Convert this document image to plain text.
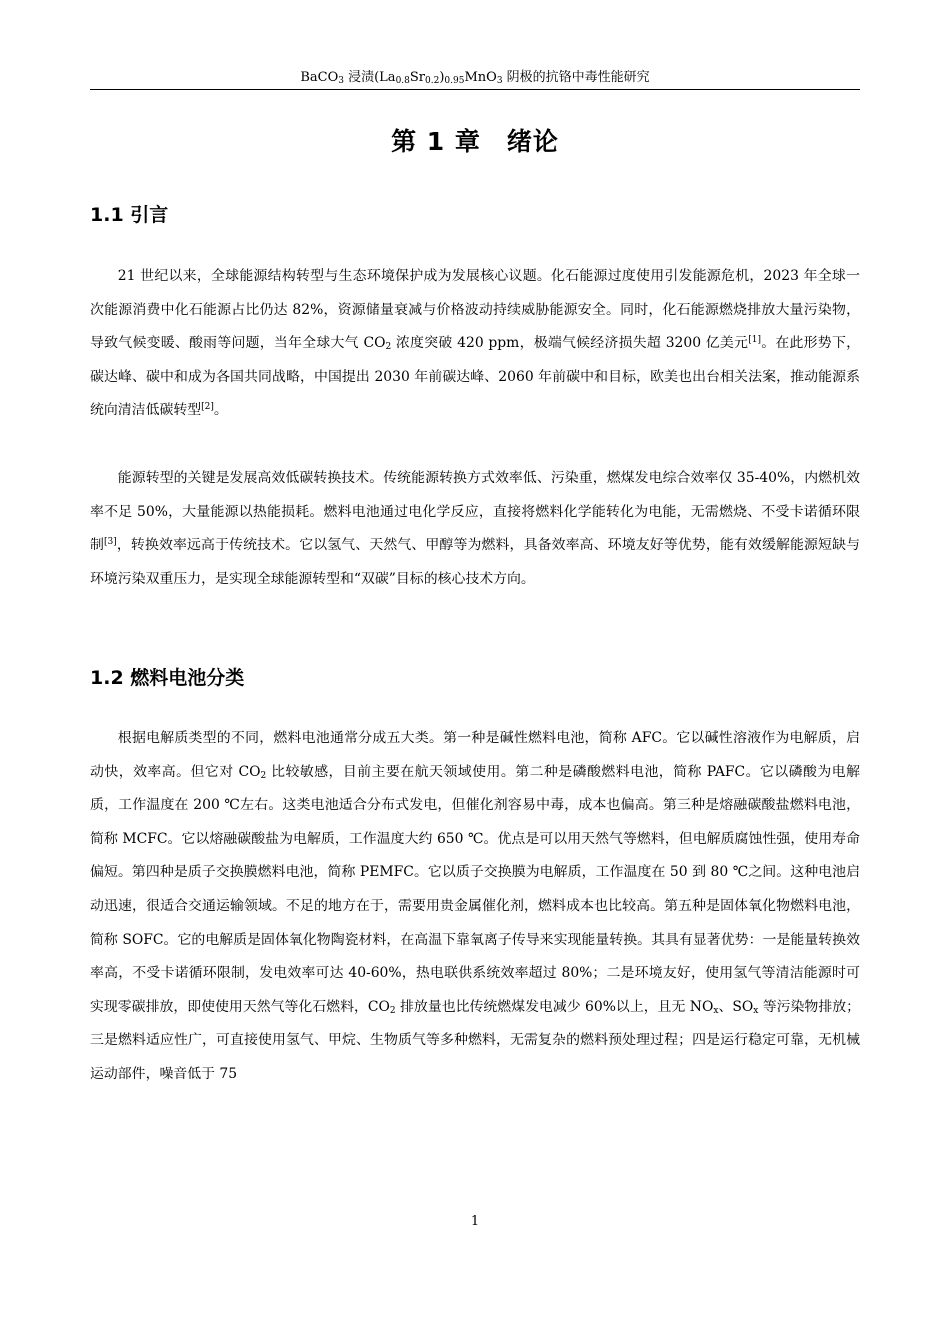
BaCO$_3$ 浸渍$(La_{0.8}Sr_{0.2})_{0.95}MnO_3$ 阴极的抗铬中毒性能研究
第 1 章　绪论
1.1 引言

21 世纪以来，全球能源结构转型与生态环境保护成为发展核心议题。化石能源过度使用引发能源危机，2023 年全球一次能源消费中化石能源占比仍达 82%，资源储量衰减与价格波动持续威胁能源安全。同时，化石能源燃烧排放大量污染物，导致气候变暖、酸雨等问题，当年全球大气 $CO_2$ 浓度突破 420 ppm，极端气候经济损失超 3200 亿美元[1]。在此形势下，碳达峰、碳中和成为各国共同战略，中国提出 2030 年前碳达峰、2060 年前碳中和目标，欧美也出台相关法案，推动能源系统向清洁低碳转型[2]。

能源转型的关键是发展高效低碳转换技术。传统能源转换方式效率低、污染重，燃煤发电综合效率仅 35-40%，内燃机效率不足 50%，大量能源以热能损耗。燃料电池通过电化学反应，直接将燃料化学能转化为电能，无需燃烧、不受卡诺循环限制[3]，转换效率远高于传统技术。它以氢气、天然气、甲醇等为燃料，具备效率高、环境友好等优势，能有效缓解能源短缺与环境污染双重压力，是实现全球能源转型和“双碳”目标的核心技术方向。

1.2 燃料电池分类

根据电解质类型的不同，燃料电池通常分成五大类。第一种是碱性燃料电池，简称 AFC。它以碱性溶液作为电解质，启动快，效率高。但它对 $CO_2$ 比较敏感，目前主要在航天领域使用。第二种是磷酸燃料电池，简称 PAFC。它以磷酸为电解质，工作温度在 200 ℃左右。这类电池适合分布式发电，但催化剂容易中毒，成本也偏高。第三种是熔融碳酸盐燃料电池，简称 MCFC。它以熔融碳酸盐为电解质，工作温度大约 650 ℃。优点是可以用天然气等燃料，但电解质腐蚀性强，使用寿命偏短。第四种是质子交换膜燃料电池，简称 PEMFC。它以质子交换膜为电解质，工作温度在 50 到 80 ℃之间。这种电池启动迅速，很适合交通运输领域。不足的地方在于，需要用贵金属催化剂，燃料成本也比较高。第五种是固体氧化物燃料电池，简称 SOFC。它的电解质是固体氧化物陶瓷材料，在高温下靠氧离子传导来实现能量转换。其具有显著优势：一是能量转换效率高，不受卡诺循环限制，发电效率可达 40-60%，热电联供系统效率超过 80%；二是环境友好，使用氢气等清洁能源时可实现零碳排放，即使使用天然气等化石燃料，$CO_2$ 排放量也比传统燃煤发电减少 60%以上，且无 $NO_x$、$SO_x$ 等污染物排放；三是燃料适应性广，可直接使用氢气、甲烷、生物质气等多种燃料，无需复杂的燃料预处理过程；四是运行稳定可靠，无机械运动部件，噪音低于 75

1
